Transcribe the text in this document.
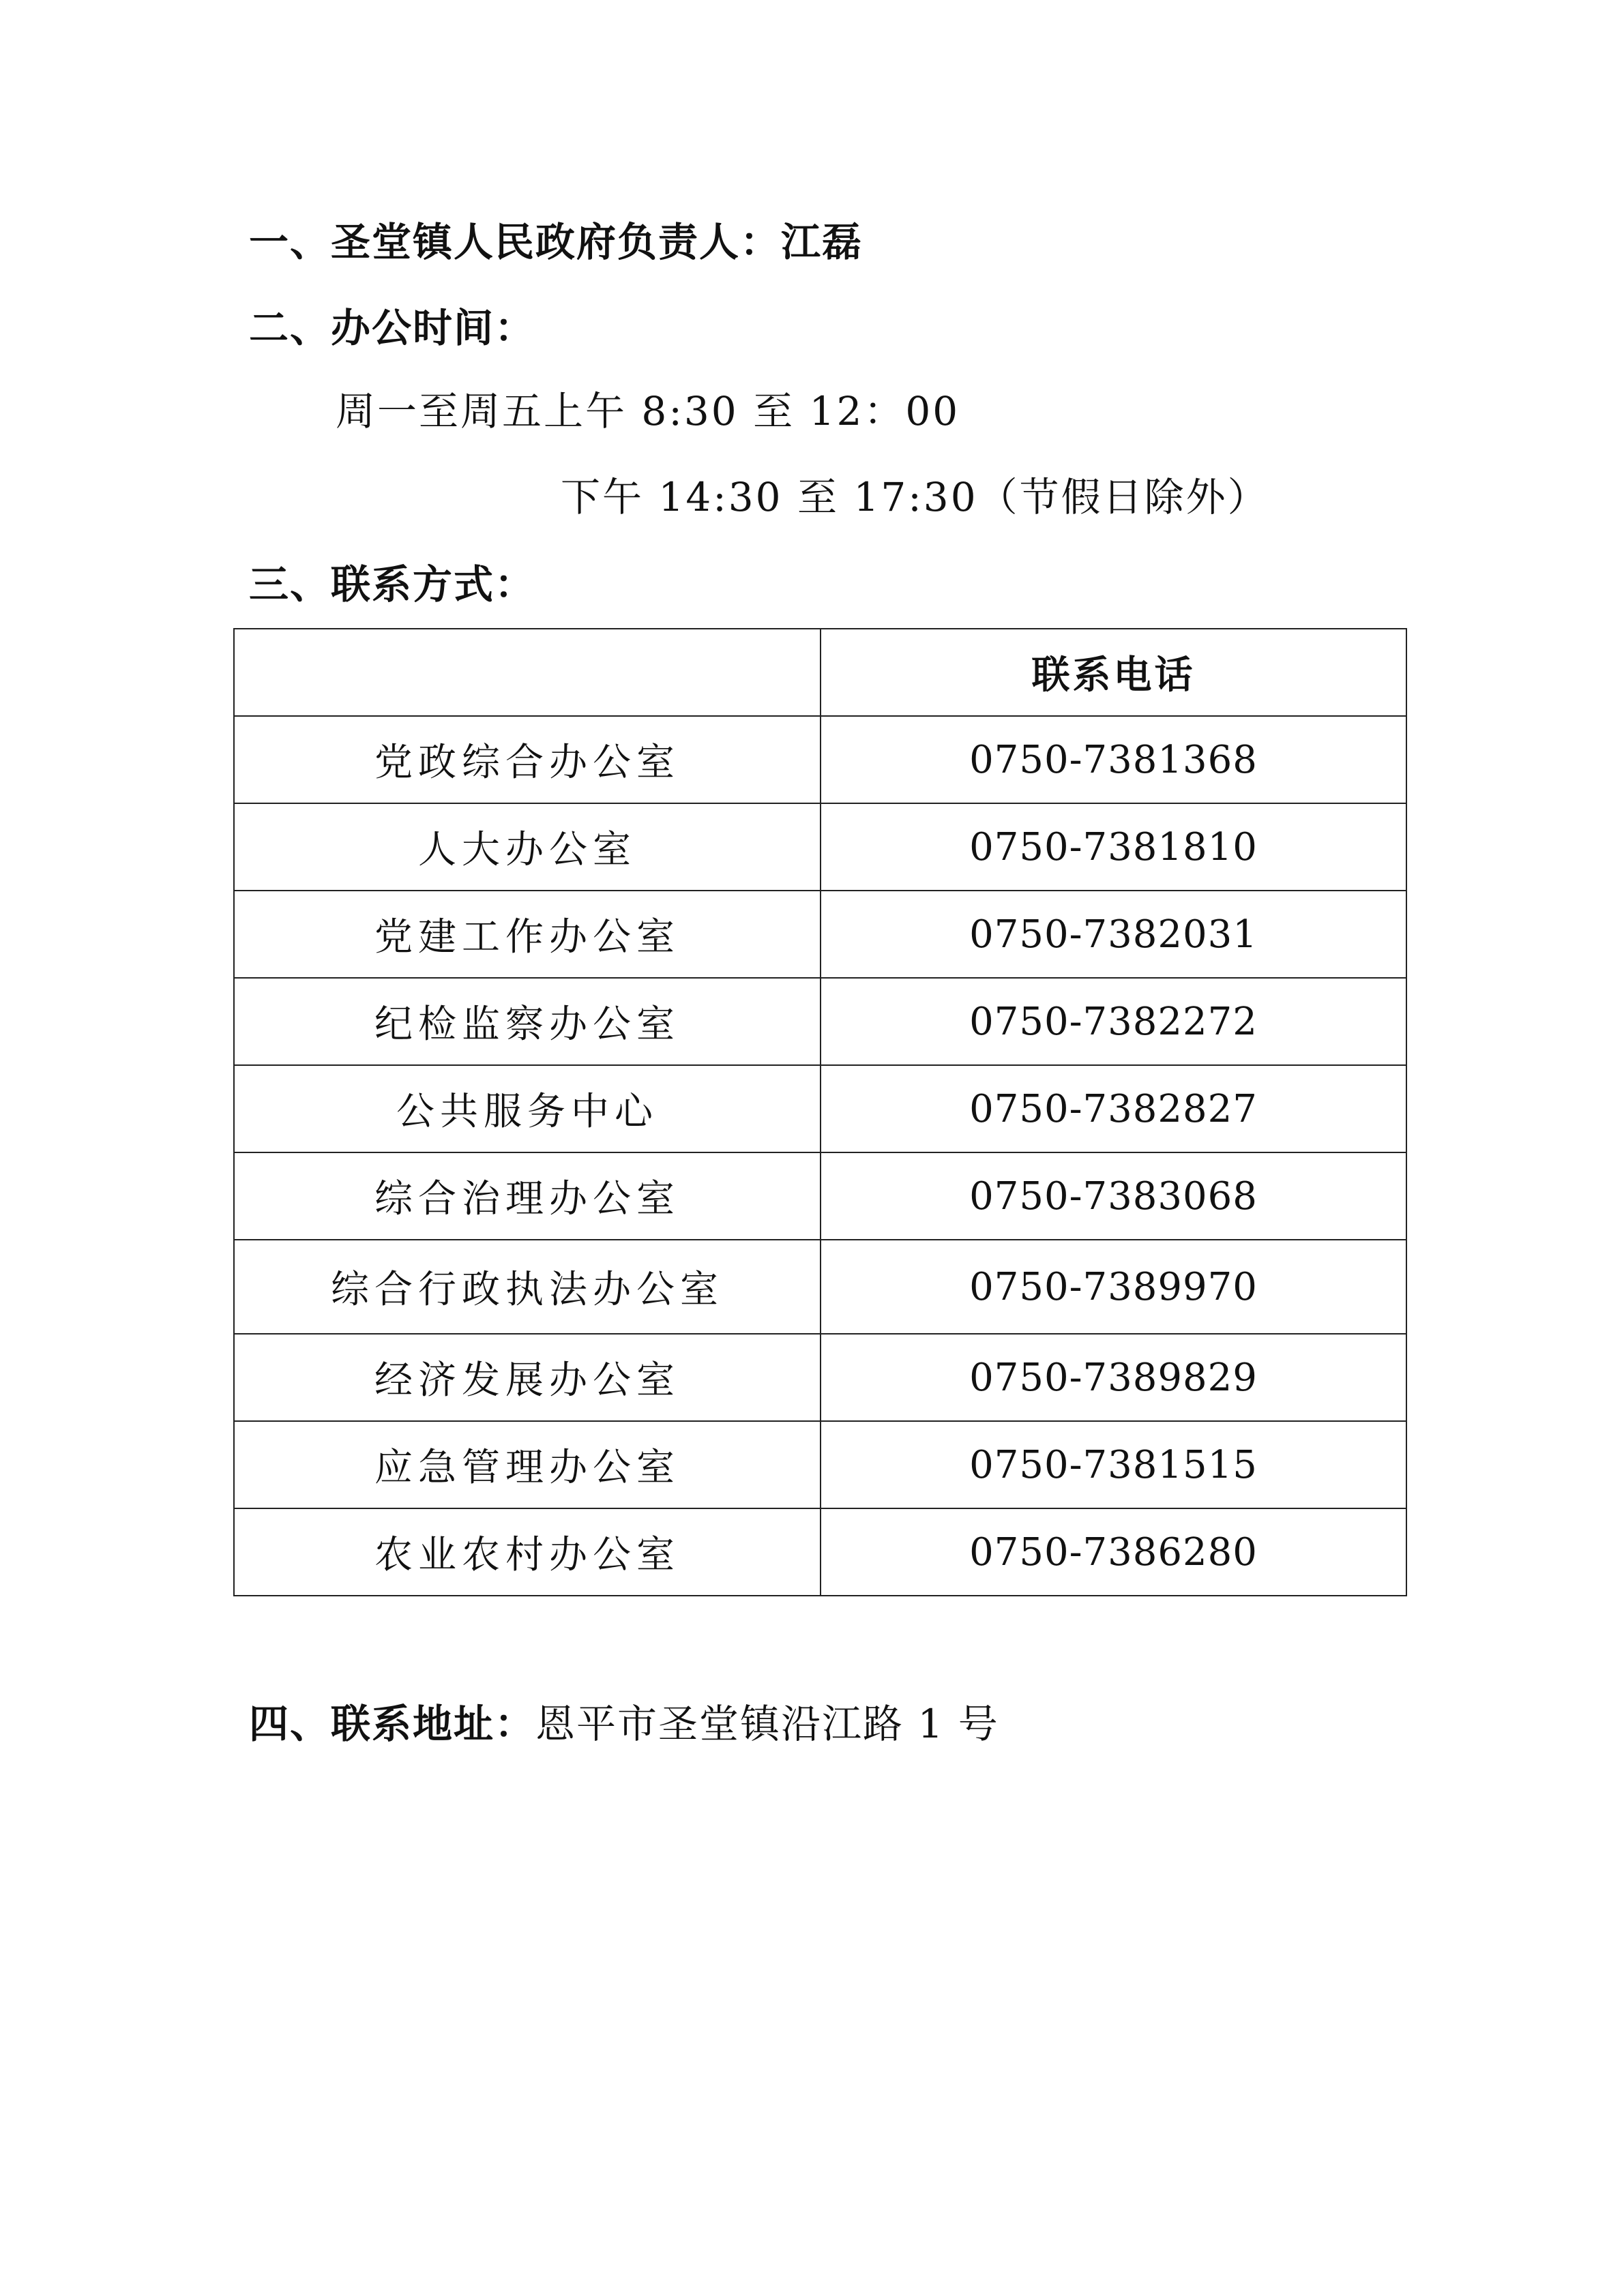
一、圣堂镇人民政府负责人：江磊
二、办公时间：
周一至周五上午 8:30 至 12：00
下午 14:30 至 17:30（节假日除外）
三、联系方式：
	联系电话
党政综合办公室	0750-7381368
人大办公室	0750-7381810
党建工作办公室	0750-7382031
纪检监察办公室	0750-7382272
公共服务中心	0750-7382827
综合治理办公室	0750-7383068
综合行政执法办公室	0750-7389970
经济发展办公室	0750-7389829
应急管理办公室	0750-7381515
农业农村办公室	0750-7386280
四、联系地址：恩平市圣堂镇沿江路 1 号
